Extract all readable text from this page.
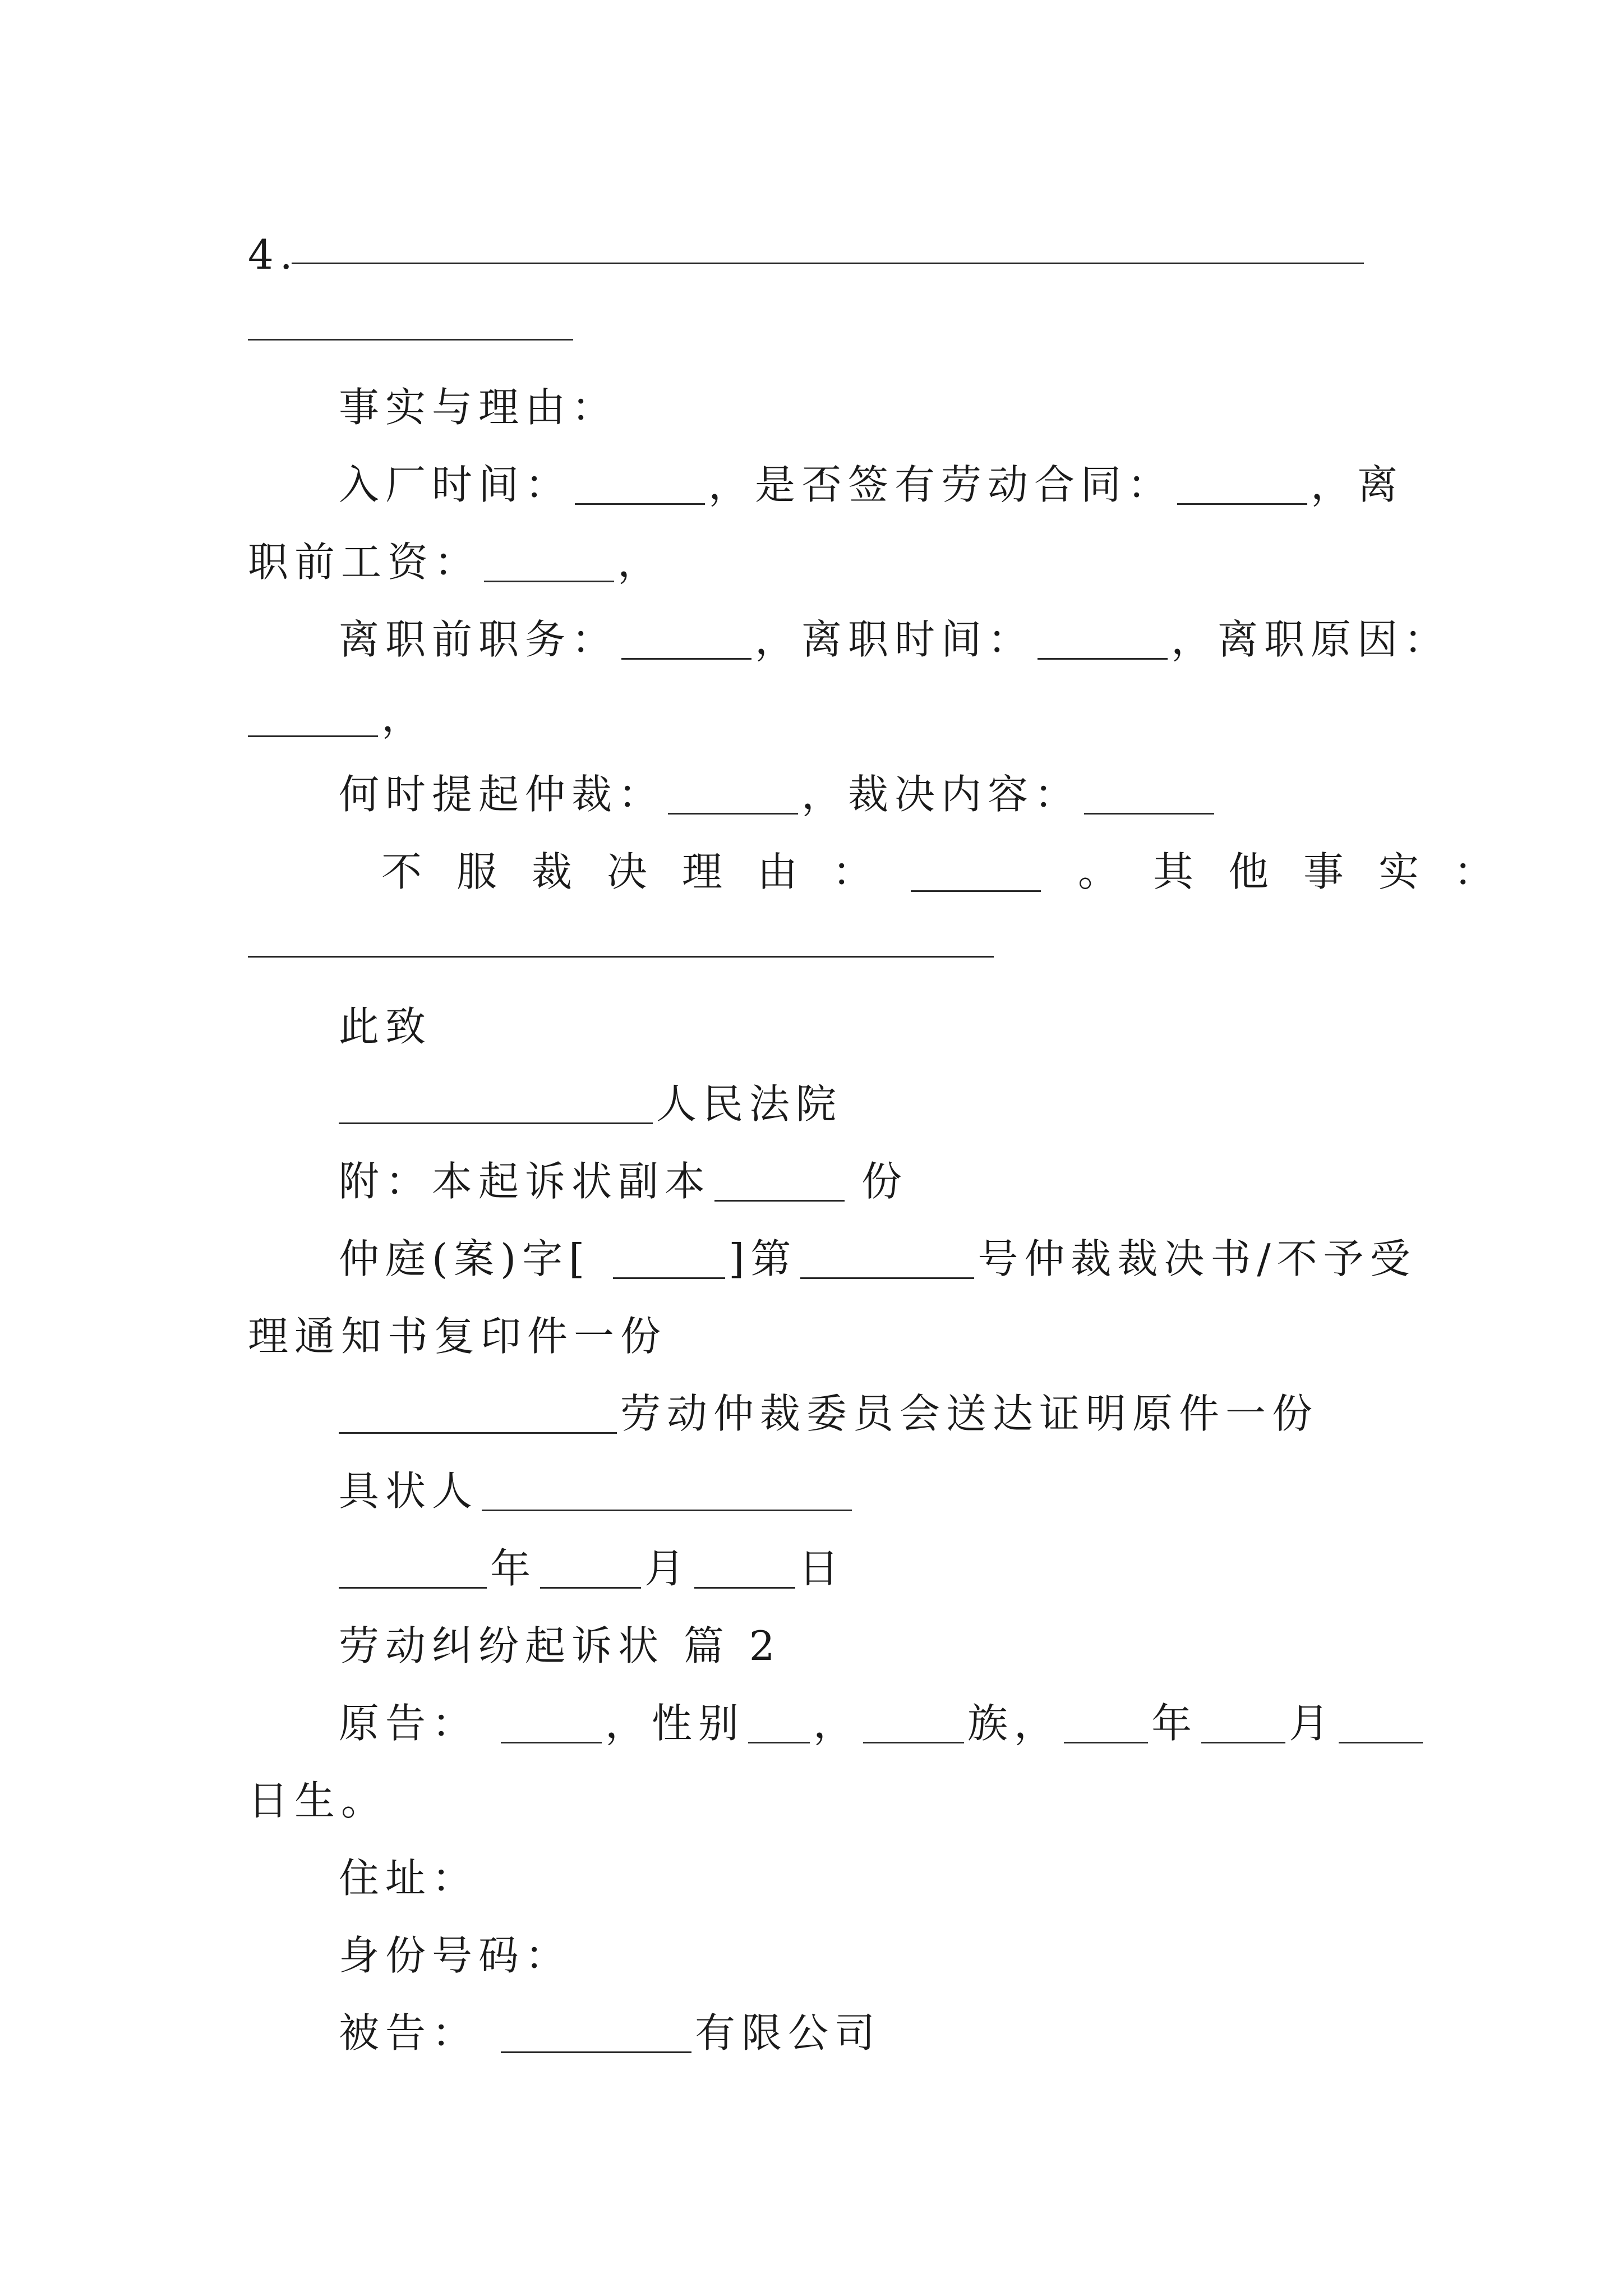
4.
事实与理由：
入厂时间：	，是否签有劳动合同：	，离
职前工资：	，
离职前职务：	，离职时间：	，离职原因：
，
何时提起仲裁：	，裁决内容：
不服裁决理由：	。其他事实：
此致
人民法院
附：本起诉状副本	份
仲庭(案)字[	]第	号仲裁裁决书/不予受
理通知书复印件一份
劳动仲裁委员会送达证明原件一份
具状人
年	月	日
劳动纠纷起诉状 篇 2
原告：	，性别 ，	族， 年 月
日生。
住址：
身份号码：
被告：	有限公司
